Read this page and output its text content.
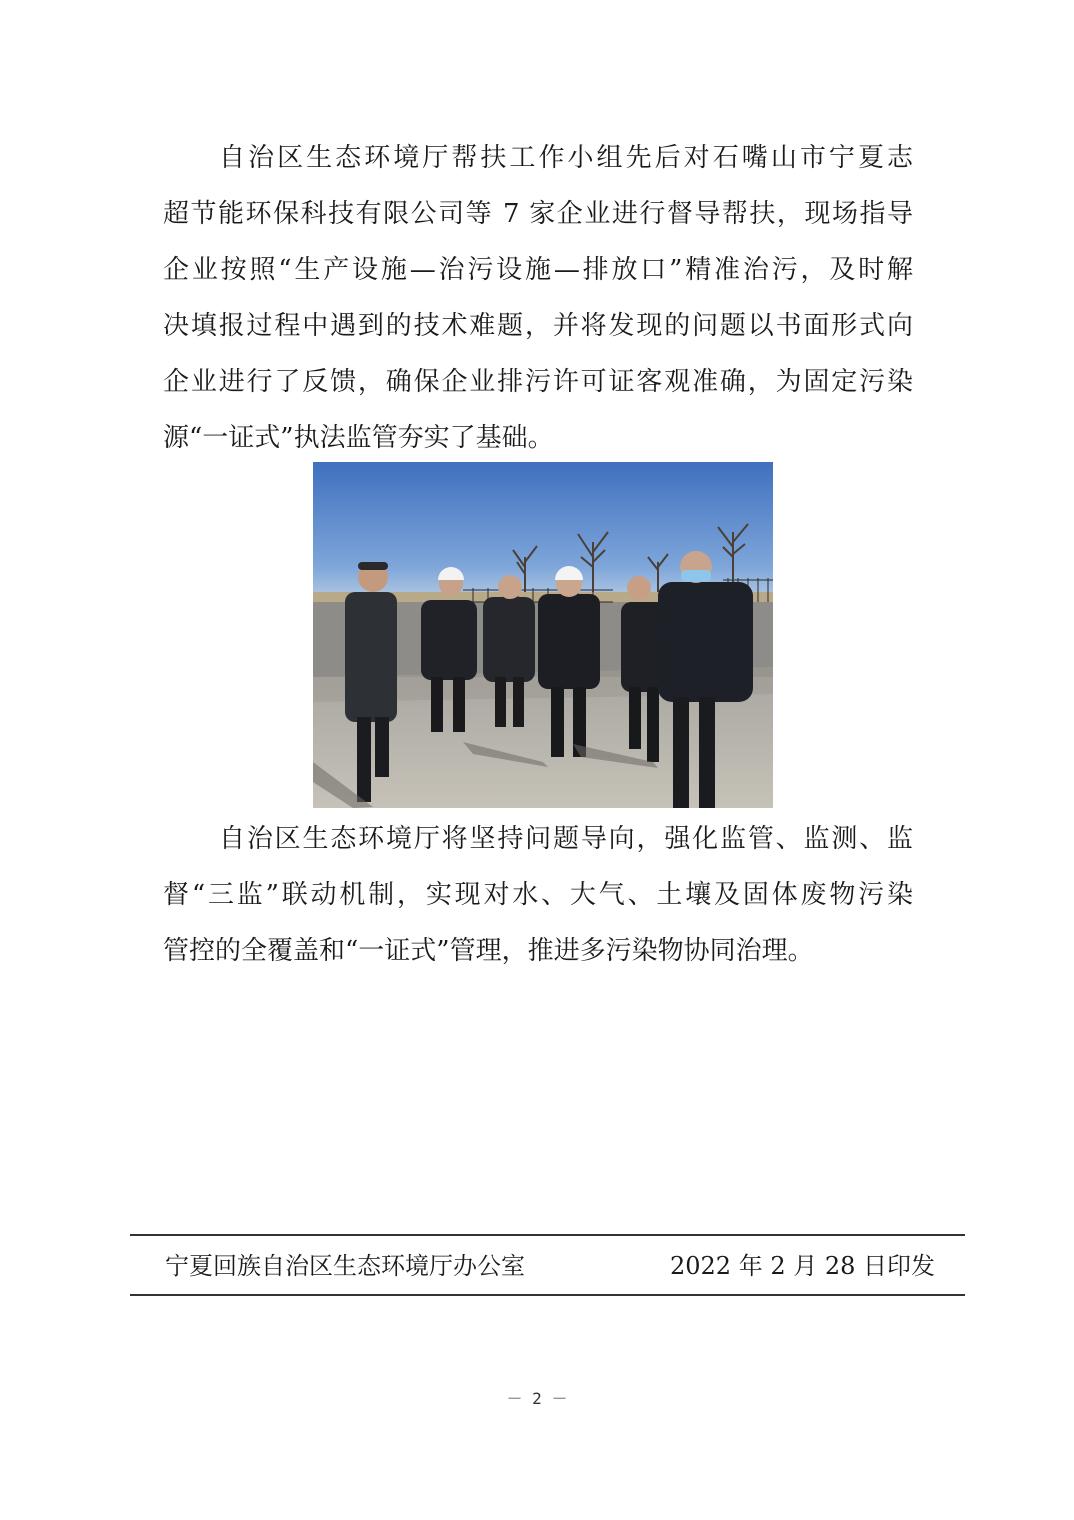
自治区生态环境厅帮扶工作小组先后对石嘴山市宁夏志
超节能环保科技有限公司等 7 家企业进行督导帮扶，现场指导
企业按照“生产设施—治污设施—排放口”精准治污，及时解
决填报过程中遇到的技术难题，并将发现的问题以书面形式向
企业进行了反馈，确保企业排污许可证客观准确，为固定污染
源“一证式”执法监管夯实了基础。
自治区生态环境厅将坚持问题导向，强化监管、监测、监
督“三监”联动机制，实现对水、大气、土壤及固体废物污染
管控的全覆盖和“一证式”管理，推进多污染物协同治理。
宁夏回族自治区生态环境厅办公室	2022 年 2 月 28 日印发
－ 2 －
